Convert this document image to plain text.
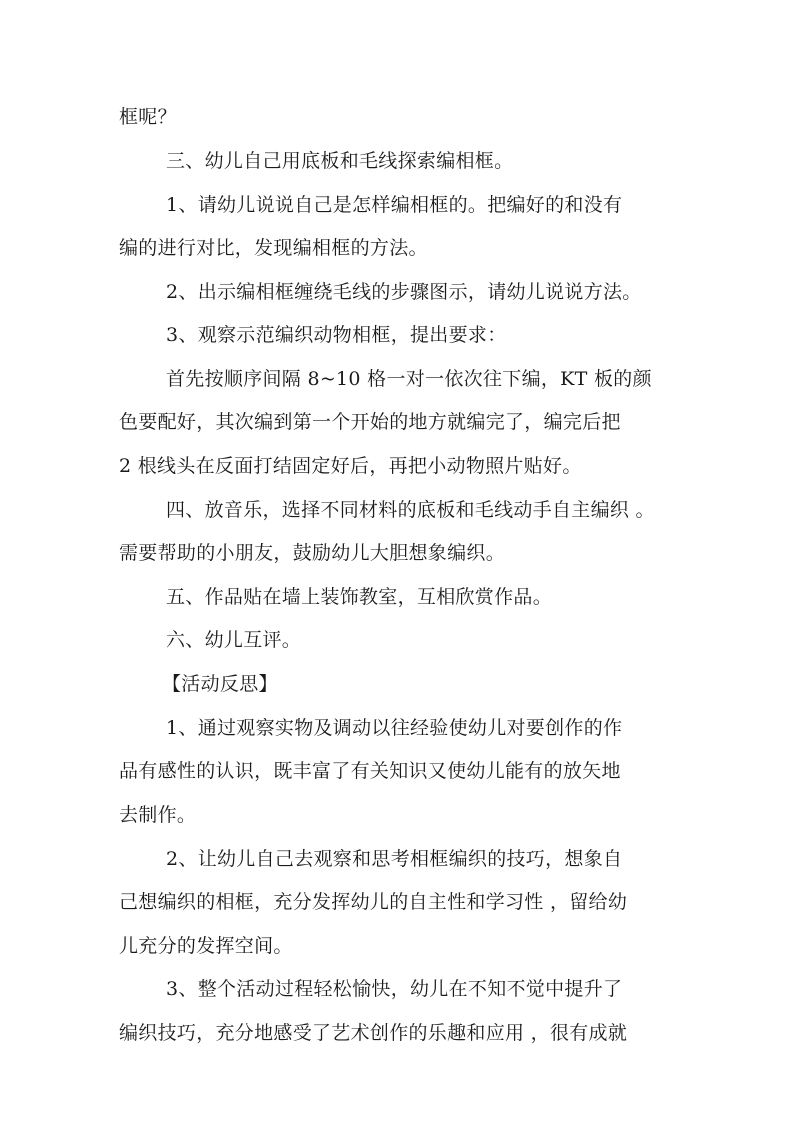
框呢？
三、幼儿自己用底板和毛线探索编相框。
1、请幼儿说说自己是怎样编相框的。把编好的和没有
编的进行对比，发现编相框的方法。
2、出示编相框缠绕毛线的步骤图示，请幼儿说说方法。
3、观察示范编织动物相框，提出要求：
首先按顺序间隔 8~10 格一对一依次往下编，KT 板的颜
色要配好，其次编到第一个开始的地方就编完了，编完后把
2 根线头在反面打结固定好后，再把小动物照片贴好。
四、放音乐，选择不同材料的底板和毛线动手自主编织 。
需要帮助的小朋友，鼓励幼儿大胆想象编织。
五、作品贴在墙上装饰教室，互相欣赏作品。
六、幼儿互评。
【活动反思】
1、通过观察实物及调动以往经验使幼儿对要创作的作
品有感性的认识，既丰富了有关知识又使幼儿能有的放矢地
去制作。
2、让幼儿自己去观察和思考相框编织的技巧，想象自
己想编织的相框，充分发挥幼儿的自主性和学习性 ，留给幼
儿充分的发挥空间。
3、整个活动过程轻松愉快，幼儿在不知不觉中提升了
编织技巧，充分地感受了艺术创作的乐趣和应用 ，很有成就
